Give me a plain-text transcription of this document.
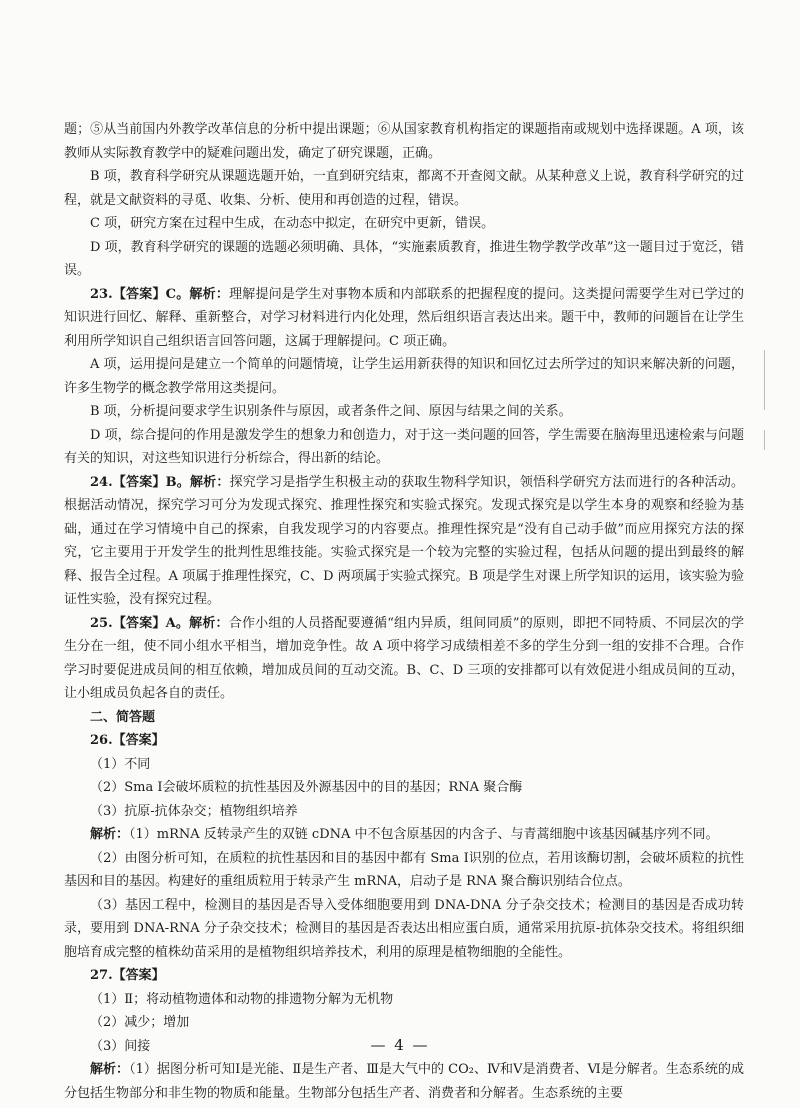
题；⑤从当前国内外教学改革信息的分析中提出课题；⑥从国家教育机构指定的课题指南或规划中选择课题。A 项，该教师从实际教育教学中的疑难问题出发，确定了研究课题，正确。

B 项，教育科学研究从课题选题开始，一直到研究结束，都离不开查阅文献。从某种意义上说，教育科学研究的过程，就是文献资料的寻觅、收集、分析、使用和再创造的过程，错误。

C 项，研究方案在过程中生成，在动态中拟定，在研究中更新，错误。

D 项，教育科学研究的课题的选题必须明确、具体，“实施素质教育，推进生物学教学改革”这一题目过于宽泛，错误。

23.【答案】C。解析：理解提问是学生对事物本质和内部联系的把握程度的提问。这类提问需要学生对已学过的知识进行回忆、解释、重新整合，对学习材料进行内化处理，然后组织语言表达出来。题干中，教师的问题旨在让学生利用所学知识自己组织语言回答问题，这属于理解提问。C 项正确。

A 项，运用提问是建立一个简单的问题情境，让学生运用新获得的知识和回忆过去所学过的知识来解决新的问题，许多生物学的概念教学常用这类提问。

B 项，分析提问要求学生识别条件与原因，或者条件之间、原因与结果之间的关系。

D 项，综合提问的作用是激发学生的想象力和创造力，对于这一类问题的回答，学生需要在脑海里迅速检索与问题有关的知识，对这些知识进行分析综合，得出新的结论。

24.【答案】B。解析：探究学习是指学生积极主动的获取生物科学知识，领悟科学研究方法而进行的各种活动。根据活动情况，探究学习可分为发现式探究、推理性探究和实验式探究。发现式探究是以学生本身的观察和经验为基础，通过在学习情境中自己的探索，自我发现学习的内容要点。推理性探究是“没有自己动手做”而应用探究方法的探究，它主要用于开发学生的批判性思维技能。实验式探究是一个较为完整的实验过程，包括从问题的提出到最终的解释、报告全过程。A 项属于推理性探究，C、D 两项属于实验式探究。B 项是学生对课上所学知识的运用，该实验为验证性实验，没有探究过程。

25.【答案】A。解析：合作小组的人员搭配要遵循“组内异质，组间同质”的原则，即把不同特质、不同层次的学生分在一组，使不同小组水平相当，增加竞争性。故 A 项中将学习成绩相差不多的学生分到一组的安排不合理。合作学习时要促进成员间的相互依赖，增加成员间的互动交流。B、C、D 三项的安排都可以有效促进小组成员间的互动，让小组成员负起各自的责任。

二、简答题

26.【答案】

（1）不同

（2）Sma Ⅰ会破坏质粒的抗性基因及外源基因中的目的基因；RNA 聚合酶

（3）抗原-抗体杂交；植物组织培养

解析：（1）mRNA 反转录产生的双链 cDNA 中不包含原基因的内含子、与青蒿细胞中该基因碱基序列不同。

（2）由图分析可知，在质粒的抗性基因和目的基因中都有 Sma Ⅰ识别的位点，若用该酶切割，会破坏质粒的抗性基因和目的基因。构建好的重组质粒用于转录产生 mRNA，启动子是 RNA 聚合酶识别结合位点。

（3）基因工程中，检测目的基因是否导入受体细胞要用到 DNA-DNA 分子杂交技术；检测目的基因是否成功转录，要用到 DNA-RNA 分子杂交技术；检测目的基因是否表达出相应蛋白质，通常采用抗原-抗体杂交技术。将组织细胞培育成完整的植株幼苗采用的是植物组织培养技术，利用的原理是植物细胞的全能性。

27.【答案】

（1）Ⅱ；将动植物遗体和动物的排遗物分解为无机物

（2）减少；增加

（3）间接

解析：（1）据图分析可知Ⅰ是光能、Ⅱ是生产者、Ⅲ是大气中的 CO₂、Ⅳ和Ⅴ是消费者、Ⅵ是分解者。生态系统的成分包括生物部分和非生物的物质和能量。生物部分包括生产者、消费者和分解者。生态系统的主要

— 4 —
